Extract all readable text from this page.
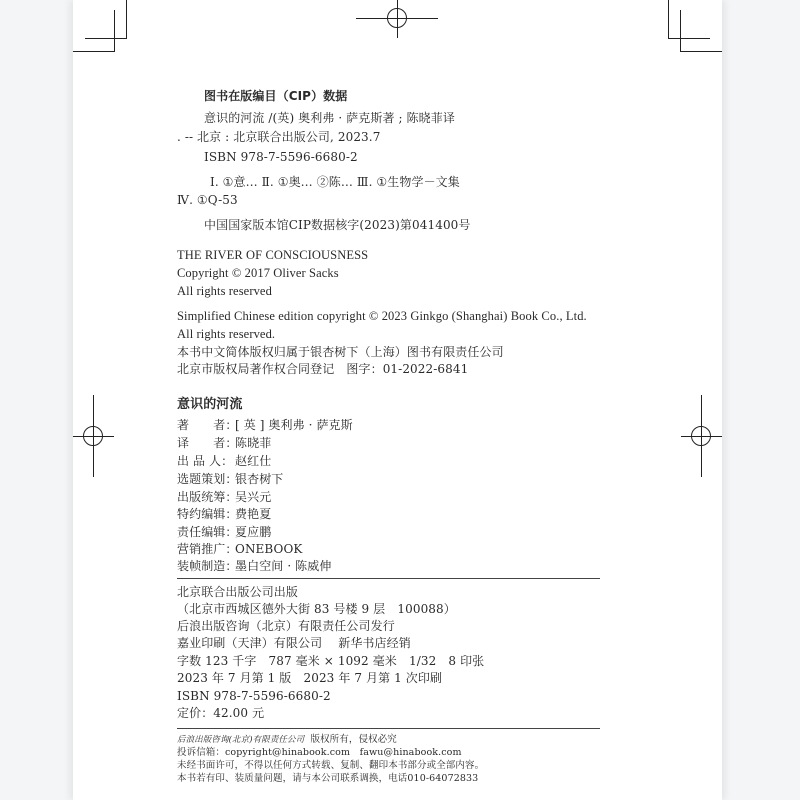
图书在版编目（CIP）数据
意识的河流 /(英) 奥利弗 · 萨克斯著 ; 陈晓菲译
. -- 北京 : 北京联合出版公司, 2023.7
ISBN 978-7-5596-6680-2
Ⅰ. ①意… Ⅱ. ①奥… ②陈… Ⅲ. ①生物学－文集
Ⅳ. ①Q-53
中国国家版本馆CIP数据核字(2023)第041400号
THE RIVER OF CONSCIOUSNESS
Copyright © 2017 Oliver Sacks
All rights reserved
Simplified Chinese edition copyright © 2023 Ginkgo (Shanghai) Book Co., Ltd.
All rights reserved.
本书中文简体版权归属于银杏树下（上海）图书有限责任公司
北京市版权局著作权合同登记　图字：01-2022-6841
意识的河流
著　　者：[ 英 ] 奥利弗 · 萨克斯
译　　者：陈晓菲
出 品 人： 赵红仕
选题策划：银杏树下
出版统筹：吴兴元
特约编辑：费艳夏
责任编辑：夏应鹏
营销推广：ONEBOOK
装帧制造：墨白空间 · 陈威伸
北京联合出版公司出版
（北京市西城区德外大街 83 号楼 9 层　100088）
后浪出版咨询（北京）有限责任公司发行
嘉业印刷（天津）有限公司　 新华书店经销
字数 123 千字　787 毫米 × 1092 毫米　1/32　8 印张
2023 年 7 月第 1 版　2023 年 7 月第 1 次印刷
ISBN 978-7-5596-6680-2
定价：42.00 元
后浪出版咨询(北京)有限责任公司 版权所有，侵权必究
投诉信箱：copyright@hinabook.com　fawu@hinabook.com
未经书面许可，不得以任何方式转载、复制、翻印本书部分或全部内容。
本书若有印、装质量问题，请与本公司联系调换，电话010-64072833
